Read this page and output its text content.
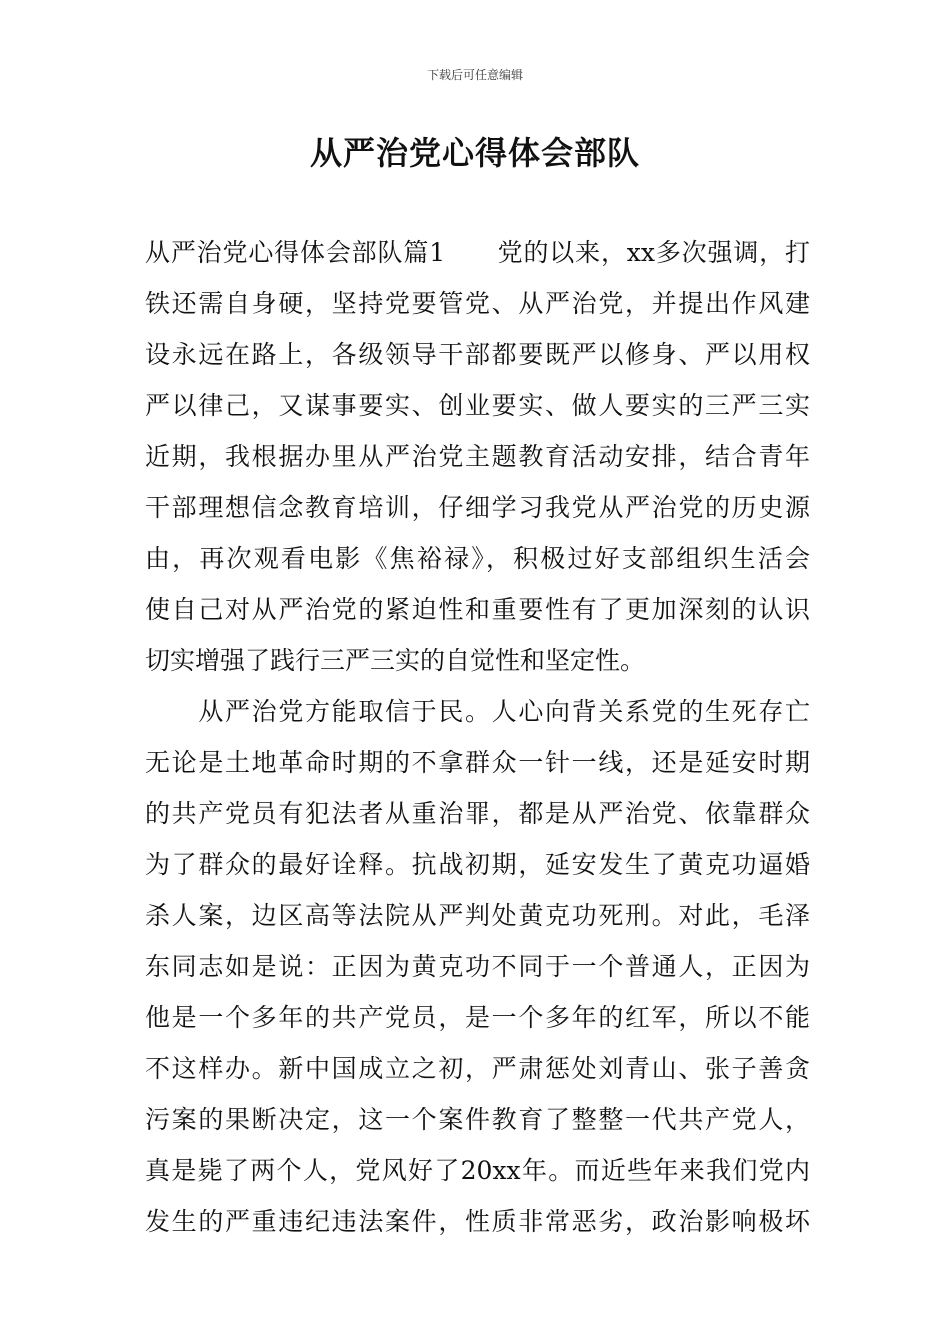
下载后可任意编辑
从严治党心得体会部队
从严治党心得体会部队篇1　　党的以来，xx多次强调，打
铁还需自身硬，坚持党要管党、从严治党，并提出作风建
设永远在路上，各级领导干部都要既严以修身、严以用权
严以律己，又谋事要实、创业要实、做人要实的三严三实
近期，我根据办里从严治党主题教育活动安排，结合青年
干部理想信念教育培训，仔细学习我党从严治党的历史源
由，再次观看电影《焦裕禄》，积极过好支部组织生活会
使自己对从严治党的紧迫性和重要性有了更加深刻的认识
切实增强了践行三严三实的自觉性和坚定性。
　　从严治党方能取信于民。人心向背关系党的生死存亡
无论是土地革命时期的不拿群众一针一线，还是延安时期
的共产党员有犯法者从重治罪，都是从严治党、依靠群众
为了群众的最好诠释。抗战初期，延安发生了黄克功逼婚
杀人案，边区高等法院从严判处黄克功死刑。对此，毛泽
东同志如是说：正因为黄克功不同于一个普通人，正因为
他是一个多年的共产党员，是一个多年的红军，所以不能
不这样办。新中国成立之初，严肃惩处刘青山、张子善贪
污案的果断决定，这一个案件教育了整整一代共产党人，
真是毙了两个人，党风好了20xx年。而近些年来我们党内
发生的严重违纪违法案件，性质非常恶劣，政治影响极坏
